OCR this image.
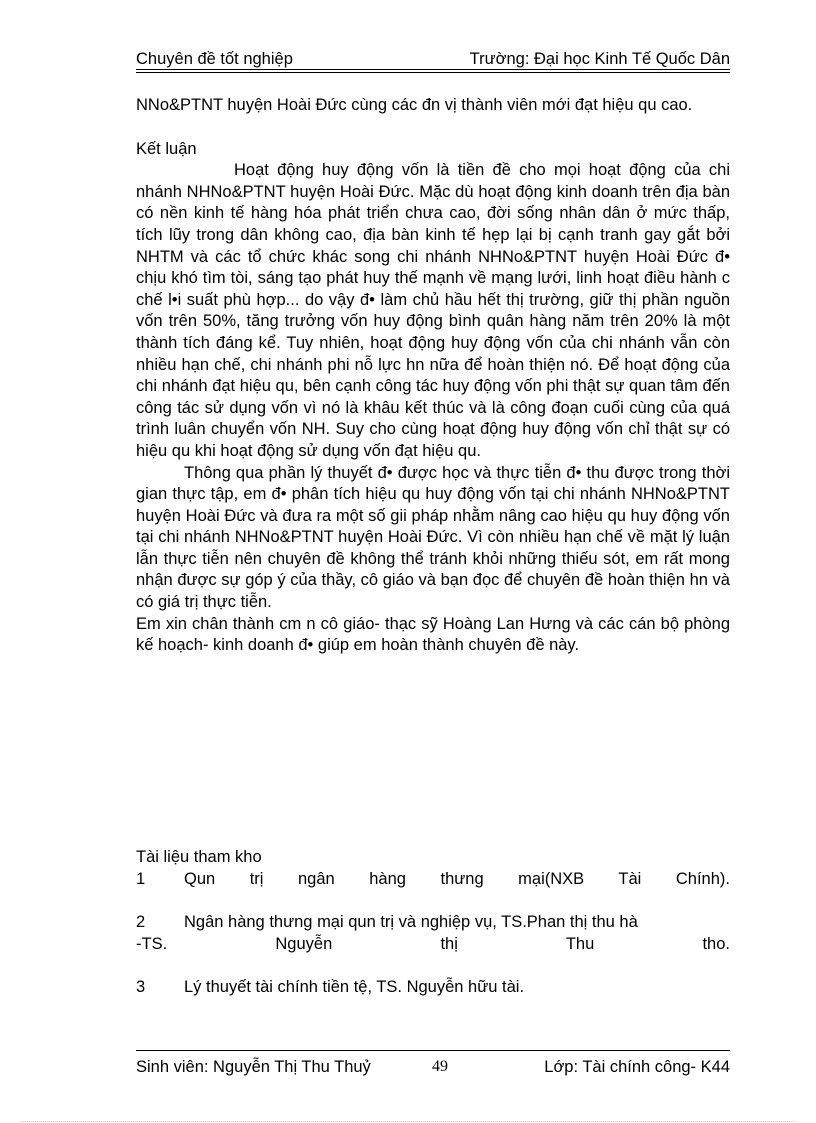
Chuyên đề tốt nghiệp	Trường: Đại học Kinh Tế Quốc Dân

NNo&PTNT huyện Hoài Đức cùng các đn vị thành viên mới đạt hiệu qu cao.

Kết luận

Hoạt động huy động vốn là tiền đề cho mọi hoạt động của chi nhánh NHNo&PTNT huyện Hoài Đức. Mặc dù hoạt động kinh doanh trên địa bàn có nền kinh tế hàng hóa phát triển chưa cao, đời sống nhân dân ở mức thấp, tích lũy trong dân không cao, địa bàn kinh tế hẹp lại bị cạnh tranh gay gắt bởi NHTM và các tổ chức khác song chi nhánh NHNo&PTNT huyện Hoài Đức đ• chịu khó tìm tòi, sáng tạo phát huy thế mạnh về mạng lưới, linh hoạt điều hành c chế l•i suất phù hợp... do vậy đ• làm chủ hầu hết thị trường, giữ thị phần nguồn vốn trên 50%, tăng trưởng vốn huy động bình quân hàng năm trên 20% là một thành tích đáng kể. Tuy nhiên, hoạt động huy động vốn của chi nhánh vẫn còn nhiều hạn chế, chi nhánh phi nỗ lực hn nữa để hoàn thiện nó. Để hoạt động của chi nhánh đạt hiệu qu, bên cạnh công tác huy động vốn phi thật sự quan tâm đến công tác sử dụng vốn vì nó là khâu kết thúc và là công đoạn cuối cùng của quá trình luân chuyển vốn NH. Suy cho cùng hoạt động huy động vốn chỉ thật sự có hiệu qu khi hoạt động sử dụng vốn đạt hiệu qu.

Thông qua phần lý thuyết đ• được học và thực tiễn đ• thu được trong thời gian thực tập, em đ• phân tích hiệu qu huy động vốn tại chi nhánh NHNo&PTNT huyện Hoài Đức và đưa ra một số gii pháp nhằm nâng cao hiệu qu huy động vốn tại chi nhánh NHNo&PTNT huyện Hoài Đức. Vì còn nhiều hạn chế về mặt lý luận lẫn thực tiễn nên chuyên đề không thể tránh khỏi những thiếu sót, em rất mong nhận được sự góp ý của thầy, cô giáo và bạn đọc để chuyên đề hoàn thiện hn và có giá trị thực tiễn.

Em xin chân thành cm n cô giáo- thạc sỹ Hoàng Lan Hưng và các cán bộ phòng kế hoạch- kinh doanh đ• giúp em hoàn thành chuyên đề này.

Tài liệu tham kho

1	Qun trị ngân hàng thưng mại(NXB Tài Chính).
2	Ngân hàng thưng mại qun trị và nghiệp vụ, TS.Phan thị thu hà
-TS. Nguyễn thị Thu tho.
3	Lý thuyết tài chính tiền tệ, TS. Nguyễn hữu tài.
Sinh viên: Nguyễn Thị Thu Thuỷ	49	Lớp: Tài chính công- K44
